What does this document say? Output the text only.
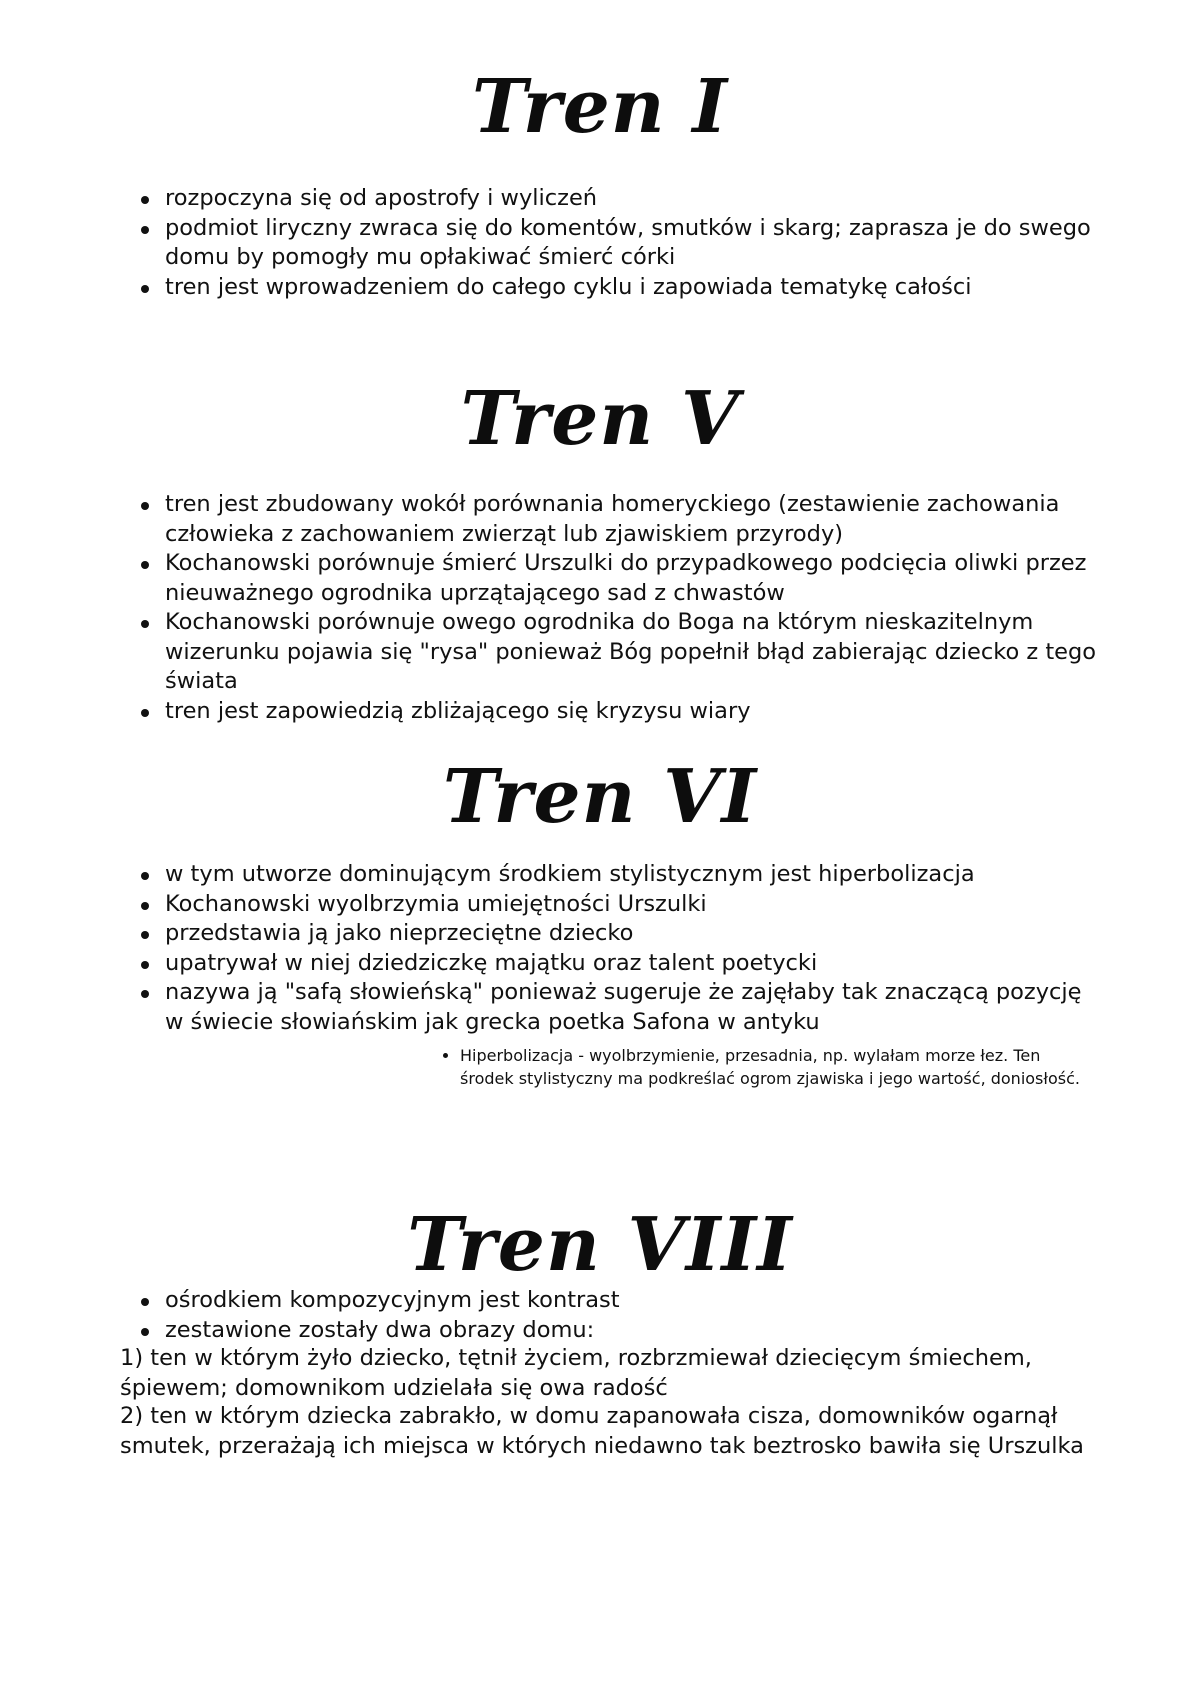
Tren I
rozpoczyna się od apostrofy i wyliczeń
podmiot liryczny zwraca się do komentów, smutków i skarg; zaprasza je do swego domu by pomogły mu opłakiwać śmierć córki
tren jest wprowadzeniem do całego cyklu i zapowiada tematykę całości
Tren V
tren jest zbudowany wokół porównania homeryckiego (zestawienie zachowania człowieka z zachowaniem zwierząt lub zjawiskiem przyrody)
Kochanowski porównuje śmierć Urszulki do przypadkowego podcięcia oliwki przez nieuważnego ogrodnika uprzątającego sad z chwastów
Kochanowski porównuje owego ogrodnika do Boga na którym nieskazitelnym wizerunku pojawia się "rysa" ponieważ Bóg popełnił błąd zabierając dziecko z tego świata
tren jest zapowiedzią zbliżającego się kryzysu wiary
Tren VI
w tym utworze dominującym środkiem stylistycznym jest hiperbolizacja
Kochanowski wyolbrzymia umiejętności Urszulki
przedstawia ją jako nieprzeciętne dziecko
upatrywał w niej dziedziczkę majątku oraz talent poetycki
nazywa ją "safą słowieńską" ponieważ sugeruje że zajęłaby tak znaczącą pozycję w świecie słowiańskim jak grecka poetka Safona w antyku
Hiperbolizacja - wyolbrzymienie, przesadnia, np. wylałam morze łez. Ten środek stylistyczny ma podkreślać ogrom zjawiska i jego wartość, doniosłość.
Tren VIII
ośrodkiem kompozycyjnym jest kontrast
zestawione zostały dwa obrazy domu:

1) ten w którym żyło dziecko, tętnił życiem, rozbrzmiewał dziecięcym śmiechem, śpiewem; domownikom udzielała się owa radość

2) ten w którym dziecka zabrakło, w domu zapanowała cisza, domowników ogarnął smutek, przerażają ich miejsca w których niedawno tak beztrosko bawiła się Urszulka
